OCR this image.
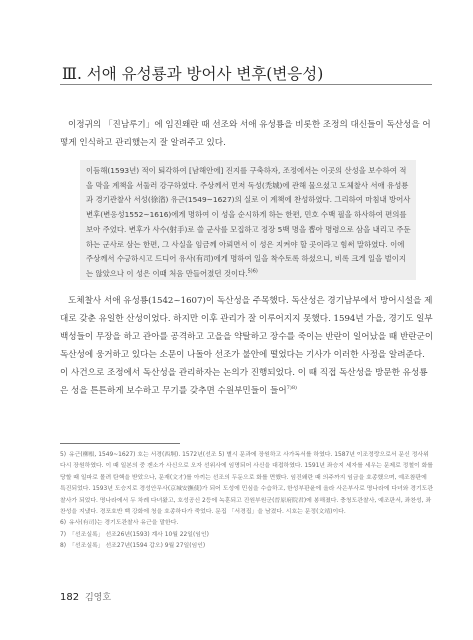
Ⅲ. 서애 유성룡과 방어사 변후(변응성)

이정귀의 「진남루기」에 임진왜란 때 선조와 서애 유성룡을 비롯한 조정의 대신들이 독산성을 어떻게 인식하고 관리했는지 잘 알려주고 있다.

이듬해(1593년) 적이 퇴각하여 [남해안에] 진지를 구축하자, 조정에서는 이곳의 산성을 보수하여 적을 막을 계책을 서둘러 강구하였다. 주상께서 먼저 독성(禿城)에 관해 물으셨고 도체찰사 서애 유성룡과 경기관찰사 서성(徐渻) 유근(1549~1627)의 실로 이 계책에 찬성하였다. 그리하여 마침내 방어사 변후(변응성1552~1616)에게 명하여 이 성을 순시하게 하는 한편, 민호 수백 필을 하사하여 편의를 보아 주었다. 변후가 사수(射手)로 쓸 군사를 모집하고 정장 5백 명을 뽑아 명령으로 삼을 내리고 주둔하는 군사로 삼는 한편, 그 사실을 임금께 아뢰면서 이 성은 지켜야 할 곳이라고 힘써 말하였다. 이에 주상께서 수긍하시고 드디어 유사(有司)에게 명하여 일을 착수토록 하셨으니, 비록 크게 일을 벌이지는 않았으나 이 성은 이때 처음 만들어졌던 것이다.$^{5)6)}$

도체찰사 서애 유성룡(1542~1607)이 독산성을 주목했다. 독산성은 경기남부에서 방어시설을 제대로 갖춘 유일한 산성이었다. 하지만 이후 관리가 잘 이루어지지 못했다. 1594년 가을, 경기도 일부 백성들이 무장을 하고 관아를 공격하고 고을을 약탈하고 장수를 죽이는 반란이 일어났을 때 반란군이 독산성에 웅거하고 있다는 소문이 나돌아 선조가 불안에 떨었다는 기사가 이러한 사정을 알려준다. 이 사건으로 조정에서 독산성을 관리하자는 논의가 진행되었다. 이 때 직접 독산성을 방문한 유성룡은 성을 튼튼하게 보수하고 무기를 갖추면 수원부민들이 들어$^{7)8)}$

5) 유근(柳根, 1549~1627) 호는 서경(西坰). 1572년(선조 5) 별시 문과에 장원하고 사가독서를 하였다. 1587년 이조정랑으로서 문신 정사위 다시 장원하였다. 이 때 일본의 중 겐소가 사신으로 오자 선위사에 임명되어 사신을 대접하였다. 1591년 좌승지 세자를 세우는 문제로 정철이 화를 당할 때 일파로 몰려 탄핵을 받았으나, 문재(文才)를 아끼는 선조의 두둔으로 화를 면했다. 임진왜란 때 의주까지 임금을 호종했으며, 예조참판에 특진되었다. 1593년 도승지로 경성안무사(京城安撫使)가 되어 도성에 민심을 수습하고, 한성부판윤에 올라 사은부사로 명나라에 다녀와 경기도관찰사가 되었다. 명나라에서 두 차례 다녀왔고, 호성공신 2등에 녹훈되고 진원부원군(晉原府院君)에 봉해졌다. 충청도관찰사, 예조판서, 좌찬성, 좌찬성을 지냈다. 경포호반 백 강화에 청을 호종하다가 죽었다. 문집 「서경집」을 남겼다. 시호는 문정(文靖)이다.
6) 유사(有司)는 경기도관찰사 유근을 말한다.
7) 「선조실록」 선조26년(1593) 계사 10월 22일(임인)
8) 「선조실록」 선조27년(1594 갑오) 9월 27일(임인)
182 김영호
